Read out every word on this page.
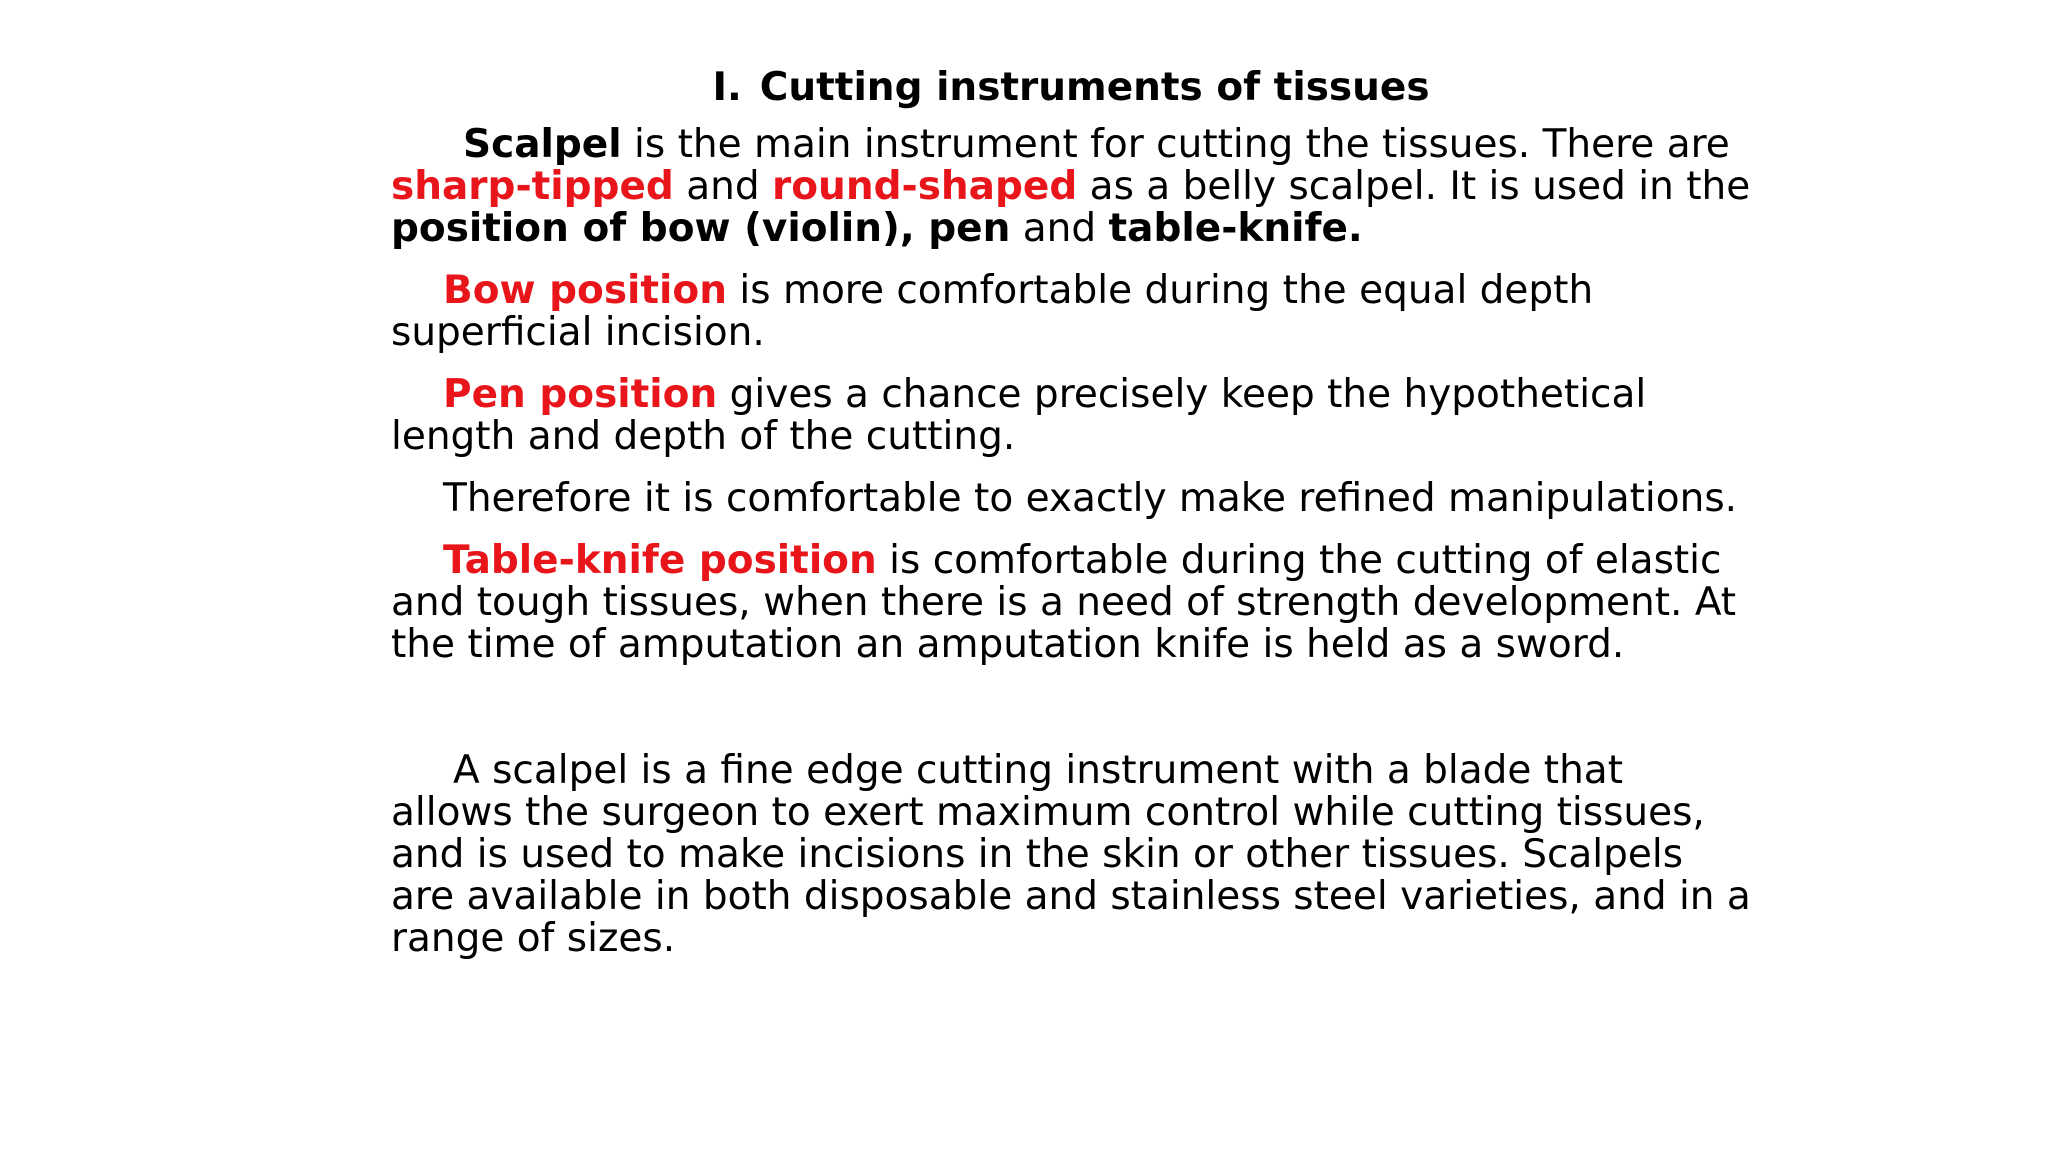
I. Cutting instruments of tissues

Scalpel is the main instrument for cutting the tissues. There are sharp-tipped and round-shaped as a belly scalpel. It is used in the position of bow (violin), pen and table-knife.

Bow position is more comfortable during the equal depth superficial incision.

Pen position gives a chance precisely keep the hypothetical length and depth of the cutting.

Therefore it is comfortable to exactly make refined manipulations.

Table-knife position is comfortable during the cutting of elastic and tough tissues, when there is a need of strength development. At the time of amputation an amputation knife is held as a sword.

A scalpel is a fine edge cutting instrument with a blade that allows the surgeon to exert maximum control while cutting tissues, and is used to make incisions in the skin or other tissues. Scalpels are available in both disposable and stainless steel varieties, and in a range of sizes.
